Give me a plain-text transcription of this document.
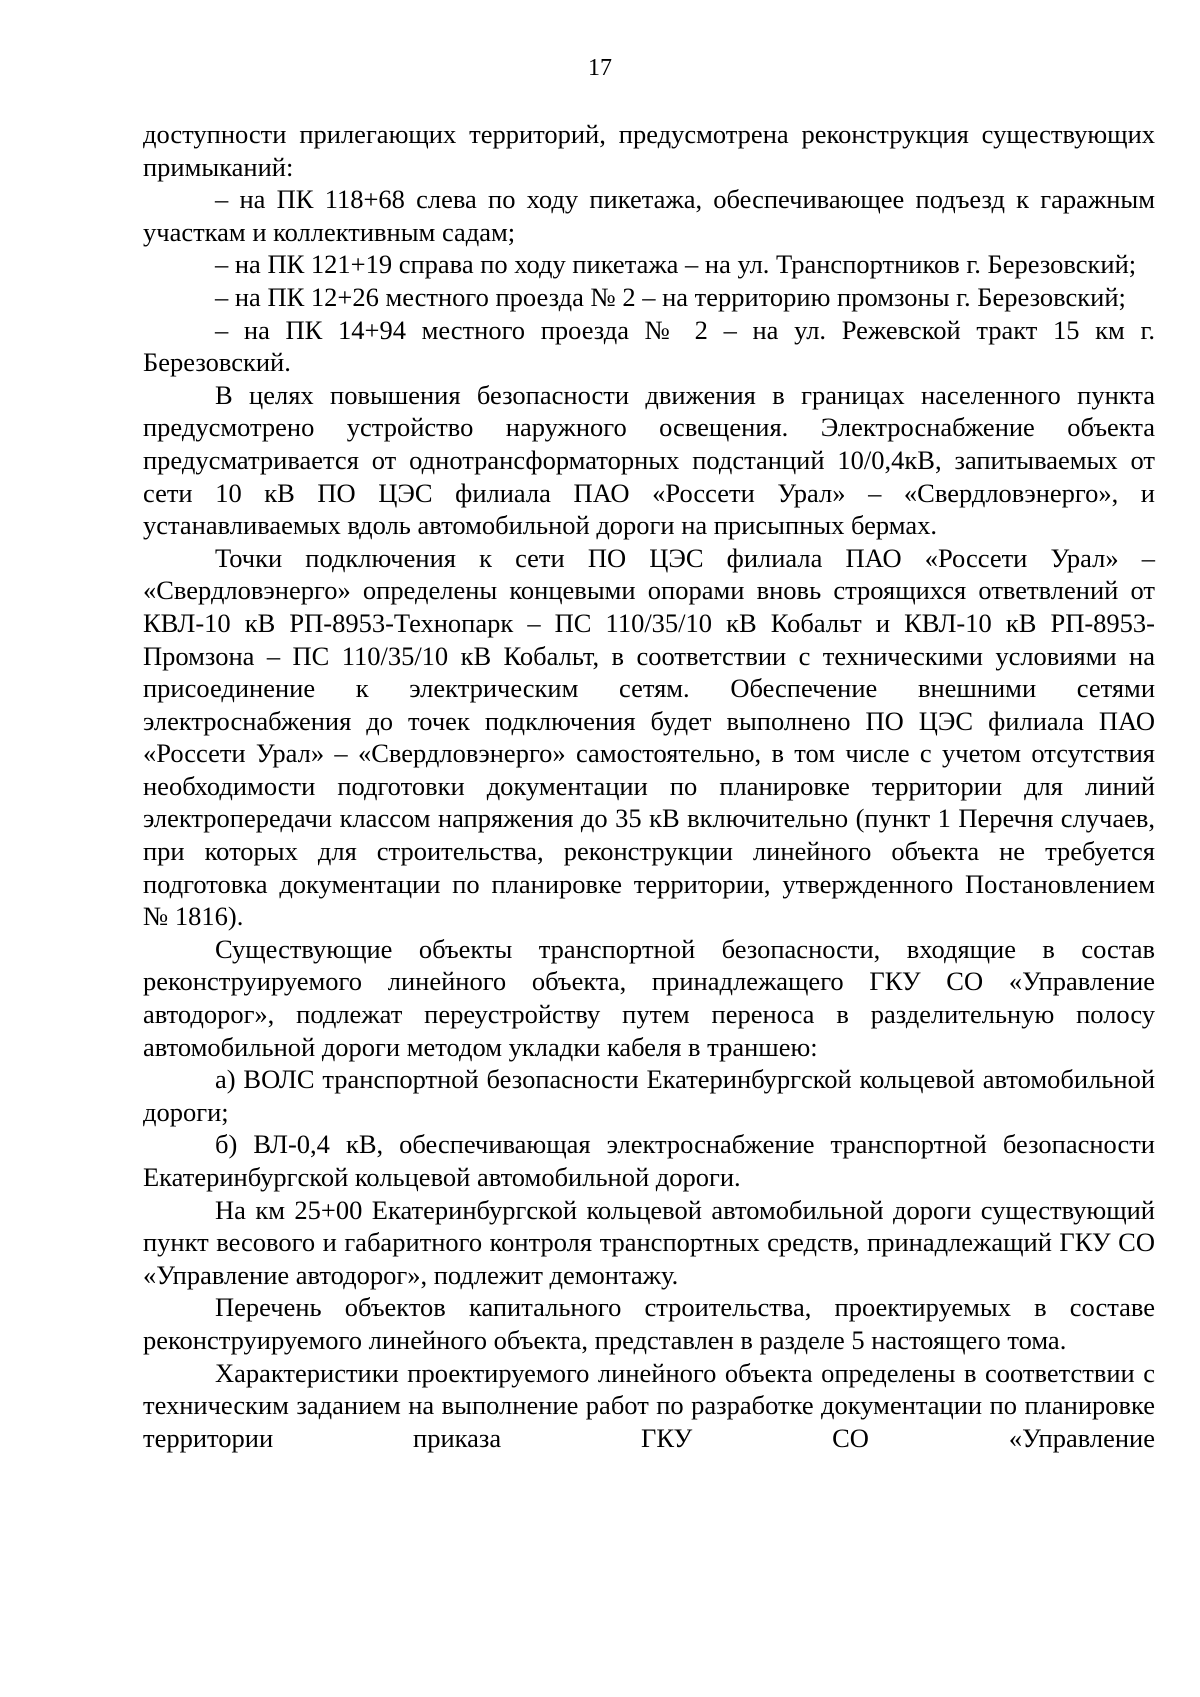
17

доступности прилегающих территорий, предусмотрена реконструкция существующих примыканий:

– на ПК 118+68 слева по ходу пикетажа, обеспечивающее подъезд к гаражным участкам и коллективным садам;

– на ПК 121+19 справа по ходу пикетажа – на ул. Транспортников г. Березовский;

– на ПК 12+26 местного проезда № 2 – на территорию промзоны г. Березовский;

– на ПК 14+94 местного проезда № 2 – на ул. Режевской тракт 15 км г. Березовский.

В целях повышения безопасности движения в границах населенного пункта предусмотрено устройство наружного освещения. Электроснабжение объекта предусматривается от однотрансформаторных подстанций 10/0,4кВ, запитываемых от сети 10 кВ ПО ЦЭС филиала ПАО «Россети Урал» – «Свердловэнерго», и устанавливаемых вдоль автомобильной дороги на присыпных бермах.

Точки подключения к сети ПО ЦЭС филиала ПАО «Россети Урал» – «Свердловэнерго» определены концевыми опорами вновь строящихся ответвлений от КВЛ-10 кВ РП-8953-Технопарк – ПС 110/35/10 кВ Кобальт и КВЛ-10 кВ РП-8953-Промзона – ПС 110/35/10 кВ Кобальт, в соответствии с техническими условиями на присоединение к электрическим сетям. Обеспечение внешними сетями электроснабжения до точек подключения будет выполнено ПО ЦЭС филиала ПАО «Россети Урал» – «Свердловэнерго» самостоятельно, в том числе с учетом отсутствия необходимости подготовки документации по планировке территории для линий электропередачи классом напряжения до 35 кВ включительно (пункт 1 Перечня случаев, при которых для строительства, реконструкции линейного объекта не требуется подготовка документации по планировке территории, утвержденного Постановлением № 1816).

Существующие объекты транспортной безопасности, входящие в состав реконструируемого линейного объекта, принадлежащего ГКУ СО «Управление автодорог», подлежат переустройству путем переноса в разделительную полосу автомобильной дороги методом укладки кабеля в траншею:

а) ВОЛС транспортной безопасности Екатеринбургской кольцевой автомобильной дороги;

б) ВЛ-0,4 кВ, обеспечивающая электроснабжение транспортной безопасности Екатеринбургской кольцевой автомобильной дороги.

На км 25+00 Екатеринбургской кольцевой автомобильной дороги существующий пункт весового и габаритного контроля транспортных средств, принадлежащий ГКУ СО «Управление автодорог», подлежит демонтажу.

Перечень объектов капитального строительства, проектируемых в составе реконструируемого линейного объекта, представлен в разделе 5 настоящего тома.

Характеристики проектируемого линейного объекта определены в соответствии с техническим заданием на выполнение работ по разработке документации по планировке территории приказа ГКУ СО «Управление
